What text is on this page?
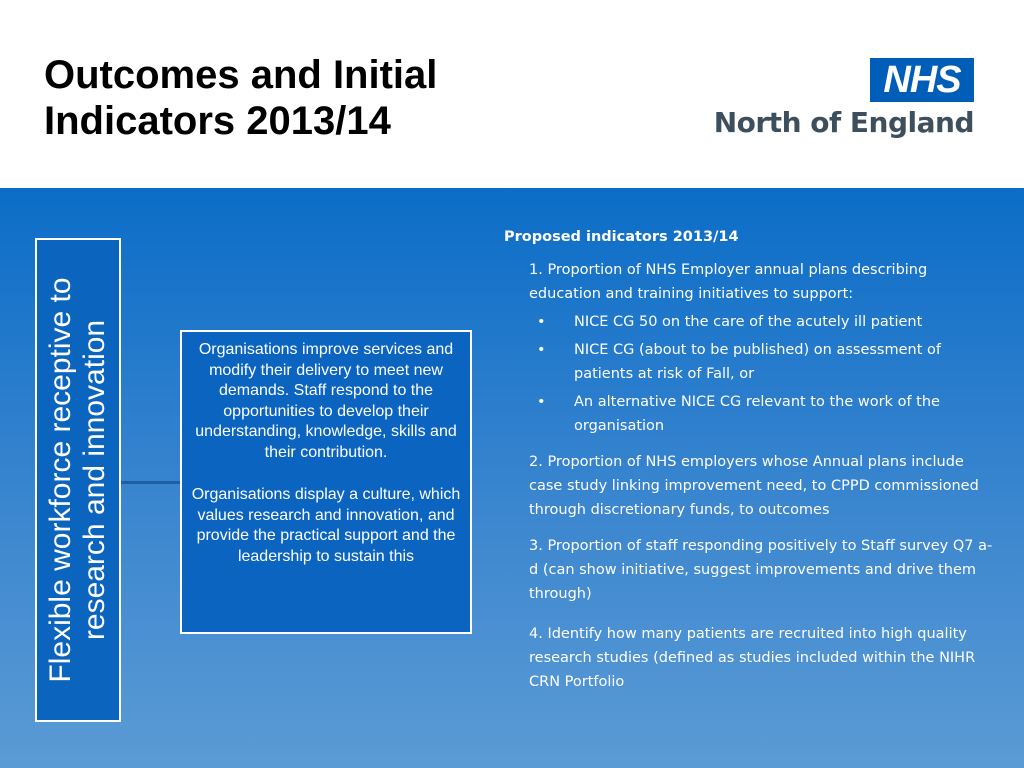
Outcomes and Initial
Indicators 2013/14
NHS
North of England
Flexible workforce receptive to research and innovation	Organisations improve services and modify their delivery to meet new demands. Staff respond to the opportunities to develop their understanding, knowledge, skills and their contribution.

Organisations display a culture, which values research and innovation, and provide the practical support and the leadership to sustain this

Proposed indicators 2013/14
1. Proportion of NHS Employer annual plans describing education and training initiatives to support:
• NICE CG 50 on the care of the acutely ill patient
• NICE CG (about to be published) on assessment of patients at risk of Fall, or
• An alternative NICE CG relevant to the work of the organisation
2. Proportion of NHS employers whose Annual plans include case study linking improvement need, to CPPD commissioned through discretionary funds, to outcomes
3. Proportion of staff responding positively to Staff survey Q7 a-d (can show initiative, suggest improvements and drive them through)
4. Identify how many patients are recruited into high quality research studies (defined as studies included within the NIHR CRN Portfolio
